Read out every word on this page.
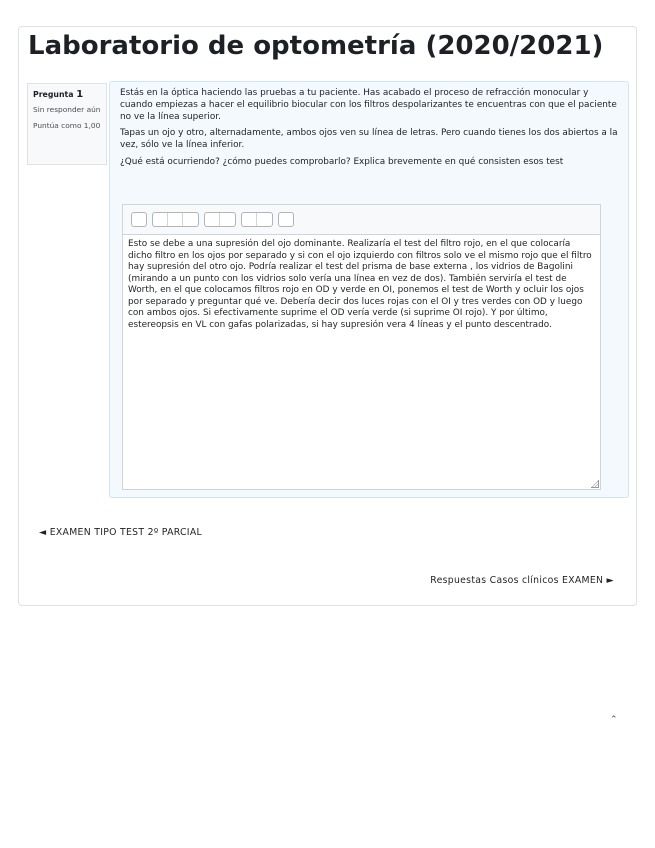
Laboratorio de optometría (2020/2021)
Pregunta 1
Sin responder aún
Puntúa como 1,00

Estás en la óptica haciendo las pruebas a tu paciente. Has acabado el proceso de refracción monocular y cuando empiezas a hacer el equilibrio biocular con los filtros despolarizantes te encuentras con que el paciente no ve la línea superior.

Tapas un ojo y otro, alternadamente, ambos ojos ven su línea de letras. Pero cuando tienes los dos abiertos a la vez, sólo ve la línea inferior.

¿Qué está ocurriendo? ¿cómo puedes comprobarlo? Explica brevemente en qué consisten esos test

Esto se debe a una supresión del ojo dominante. Realizaría el test del filtro rojo, en el que colocaría dicho filtro en los ojos por separado y si con el ojo izquierdo con filtros solo ve el mismo rojo que el filtro hay supresión del otro ojo. Podría realizar el test del prisma de base externa , los vidrios de Bagolini (mirando a un punto con los vidrios solo vería una línea en vez de dos). También serviría el test de Worth, en el que colocamos filtros rojo en OD y verde en OI, ponemos el test de Worth y ocluir los ojos por separado y preguntar qué ve. Debería decir dos luces rojas con el OI y tres verdes con OD y luego con ambos ojos. Si efectivamente suprime el OD vería verde (si suprime OI rojo). Y por último, estereopsis en VL con gafas polarizadas, si hay supresión vera 4 líneas y el punto descentrado.
◄ EXAMEN TIPO TEST 2º PARCIAL
Respuestas Casos clínicos EXAMEN ►
⌃
